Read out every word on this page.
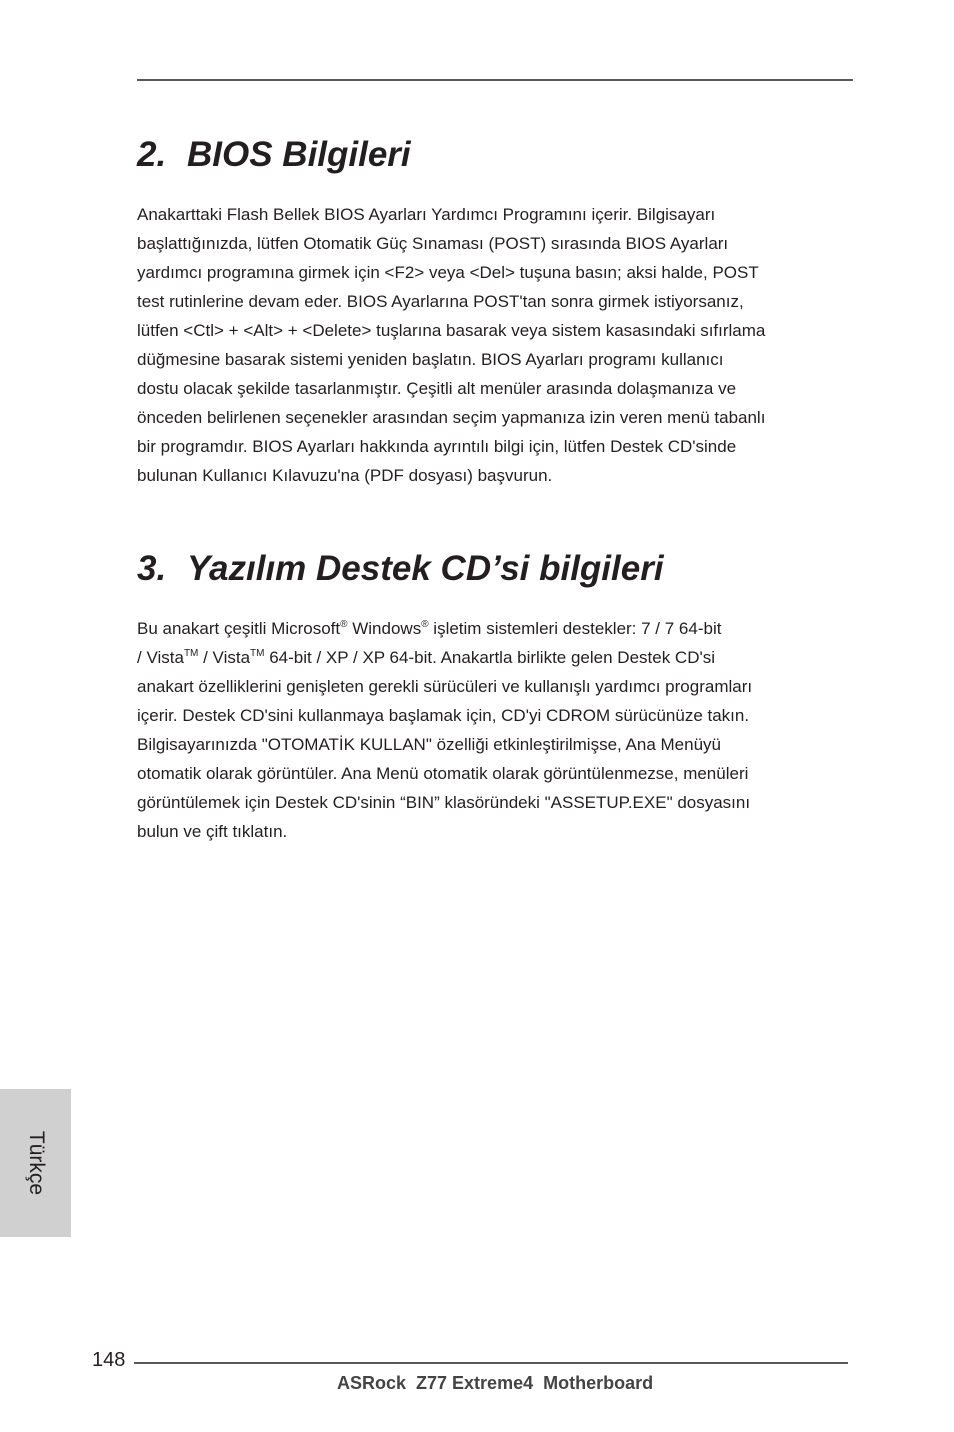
2. BIOS Bilgileri

Anakarttaki Flash Bellek BIOS Ayarları Yardımcı Programını içerir. Bilgisayarı
başlattığınızda, lütfen Otomatik Güç Sınaması (POST) sırasında BIOS Ayarları
yardımcı programına girmek için <F2> veya <Del> tuşuna basın; aksi halde, POST
test rutinlerine devam eder. BIOS Ayarlarına POST'tan sonra girmek istiyorsanız,
lütfen <Ctl> + <Alt> + <Delete> tuşlarına basarak veya sistem kasasındaki sıfırlama
düğmesine basarak sistemi yeniden başlatın. BIOS Ayarları programı kullanıcı
dostu olacak şekilde tasarlanmıştır. Çeşitli alt menüler arasında dolaşmanıza ve
önceden belirlenen seçenekler arasından seçim yapmanıza izin veren menü tabanlı
bir programdır. BIOS Ayarları hakkında ayrıntılı bilgi için, lütfen Destek CD'sinde
bulunan Kullanıcı Kılavuzu'na (PDF dosyası) başvurun.

3. Yazılım Destek CD’si bilgileri

Bu anakart çeşitli Microsoft® Windows® işletim sistemleri destekler: 7 / 7 64-bit
/ Vista™ / Vista™ 64-bit / XP / XP 64-bit. Anakartla birlikte gelen Destek CD'si
anakart özelliklerini genişleten gerekli sürücüleri ve kullanışlı yardımcı programları
içerir. Destek CD'sini kullanmaya başlamak için, CD'yi CDROM sürücünüze takın.
Bilgisayarınızda "OTOMATİK KULLAN" özelliği etkinleştirilmişse, Ana Menüyü
otomatik olarak görüntüler. Ana Menü otomatik olarak görüntülenmezse, menüleri
görüntülemek için Destek CD'sinin “BIN” klasöründeki "ASSETUP.EXE" dosyasını
bulun ve çift tıklatın.

Türkçe
148
ASRock  Z77 Extreme4  Motherboard
